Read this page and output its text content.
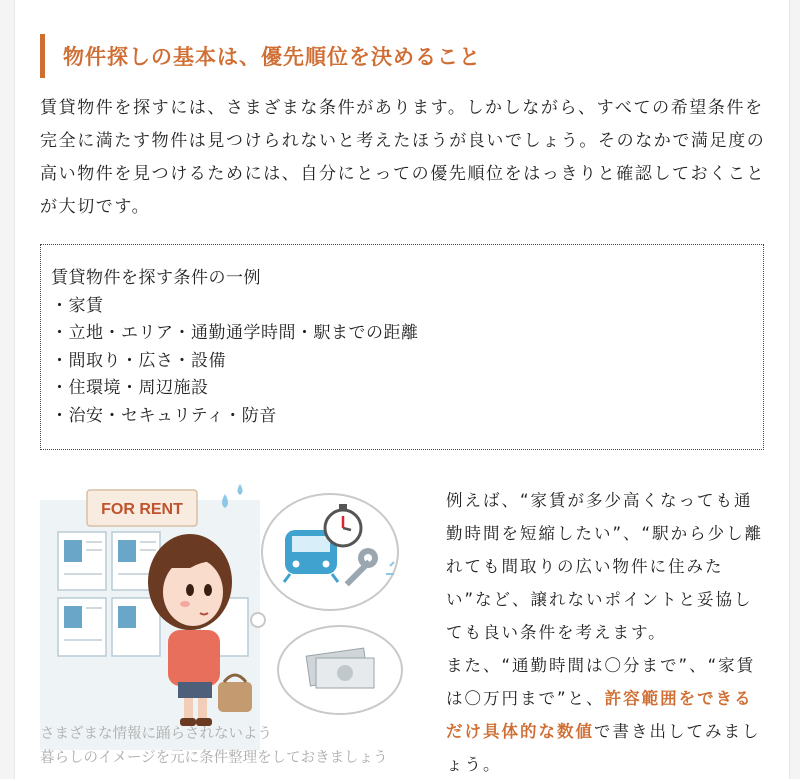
物件探しの基本は、優先順位を決めること

賃貸物件を探すには、さまざまな条件があります。しかしながら、すべての希望条件を完全に満たす物件は見つけられないと考えたほうが良いでしょう。そのなかで満足度の高い物件を見つけるためには、自分にとっての優先順位をはっきりと確認しておくことが大切です。

賃貸物件を探す条件の一例
・家賃
・立地・エリア・通勤通学時間・駅までの距離
・間取り・広さ・設備
・住環境・周辺施設
・治安・セキュリティ・防音
FOR RENT
さまざまな情報に踊らされないよう
暮らしのイメージを元に条件整理をしておきましょう

例えば、“家賃が多少高くなっても通勤時間を短縮したい”、“駅から少し離れても間取りの広い物件に住みたい”など、譲れないポイントと妥協しても良い条件を考えます。
また、“通勤時間は〇分まで”、“家賃は〇万円まで”と、許容範囲をできるだけ具体的な数値で書き出してみましょう。
